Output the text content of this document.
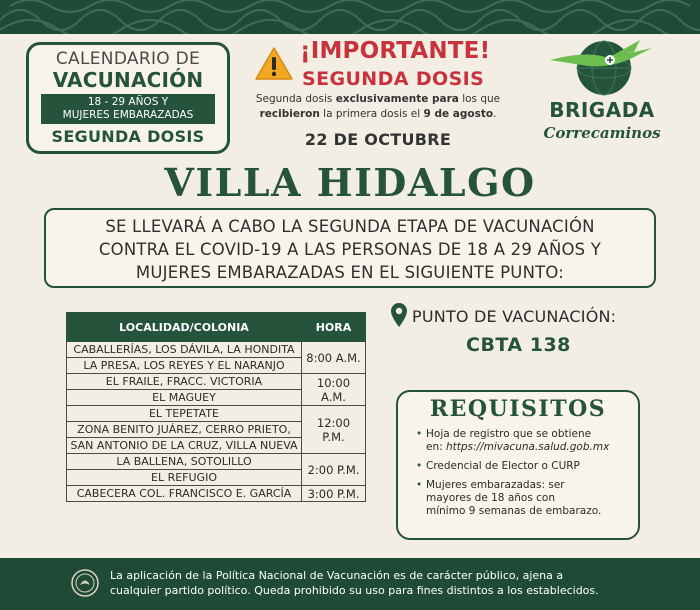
CALENDARIO DE
VACUNACIÓN
18 - 29 AÑOS Y
MUJERES EMBARAZADAS
SEGUNDA DOSIS
¡IMPORTANTE!
SEGUNDA DOSIS
Segunda dosis exclusivamente para los que
recibieron la primera dosis el 9 de agosto.
22 DE OCTUBRE
BRIGADA
Correcaminos
VILLA HIDALGO
SE LLEVARÁ A CABO LA SEGUNDA ETAPA DE VACUNACIÓN
CONTRA EL COVID-19 A LAS PERSONAS DE 18 A 29 AÑOS Y
MUJERES EMBARAZADAS EN EL SIGUIENTE PUNTO:
LOCALIDAD/COLONIA	HORA
CABALLERÍAS, LOS DÁVILA, LA HONDITA	8:00 A.M.
LA PRESA, LOS REYES Y EL NARANJO	
EL FRAILE, FRACC. VICTORIA	10:00 A.M.
EL MAGUEY	
EL TEPETATE	12:00 P.M.
ZONA BENITO JUÁREZ, CERRO PRIETO,	
SAN ANTONIO DE LA CRUZ, VILLA NUEVA	
LA BALLENA, SOTOLILLO	2:00 P.M.
EL REFUGIO	
CABECERA COL. FRANCISCO E. GARCÍA	3:00 P.M.
PUNTO DE VACUNACIÓN:
CBTA 138
REQUISITOS
• Hoja de registro que se obtiene
en: https://mivacuna.salud.gob.mx
• Credencial de Elector o CURP
• Mujeres embarazadas: ser
mayores de 18 años con
mínimo 9 semanas de embarazo.
La aplicación de la Política Nacional de Vacunación es de carácter público, ajena a
cualquier partido político. Queda prohibido su uso para fines distintos a los establecidos.
